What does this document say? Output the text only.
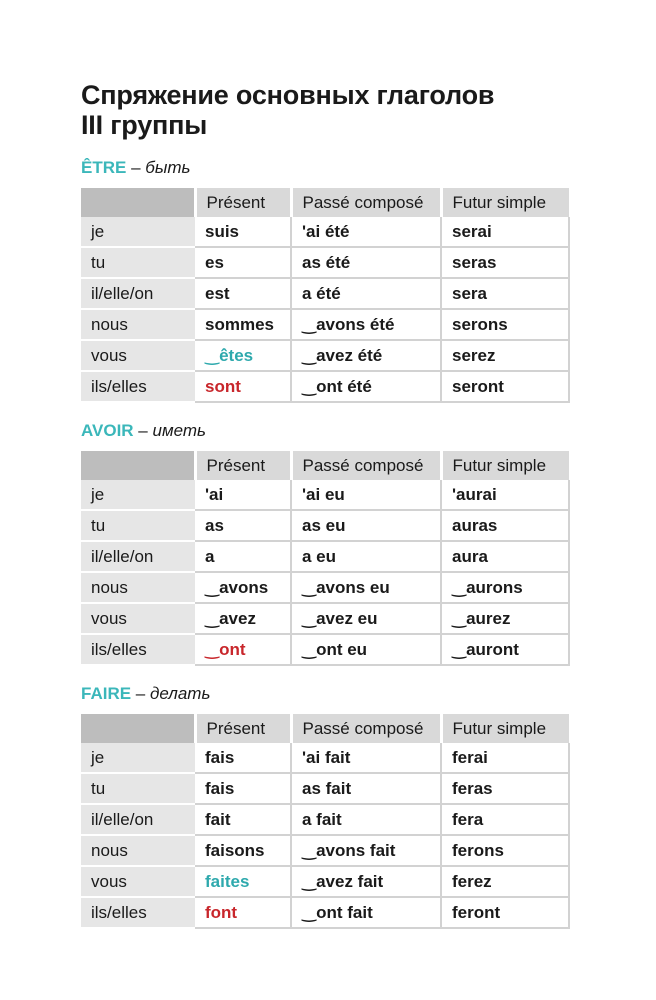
Спряжение основных глаголов
III группы

ÊTRE – быть

	Présent	Passé composé	Futur simple
je	suis	'ai été	serai
tu	es	as été	seras
il/elle/on	est	a été	sera
nous	sommes	‿avons été	serons
vous	‿êtes	‿avez été	serez
ils/elles	sont	‿ont été	seront

AVOIR – иметь

	Présent	Passé composé	Futur simple
je	'ai	'ai eu	'aurai
tu	as	as eu	auras
il/elle/on	a	a eu	aura
nous	‿avons	‿avons eu	‿aurons
vous	‿avez	‿avez eu	‿aurez
ils/elles	‿ont	‿ont eu	‿auront

FAIRE – делать

	Présent	Passé composé	Futur simple
je	fais	'ai fait	ferai
tu	fais	as fait	feras
il/elle/on	fait	a fait	fera
nous	faisons	‿avons fait	ferons
vous	faites	‿avez fait	ferez
ils/elles	font	‿ont fait	feront
